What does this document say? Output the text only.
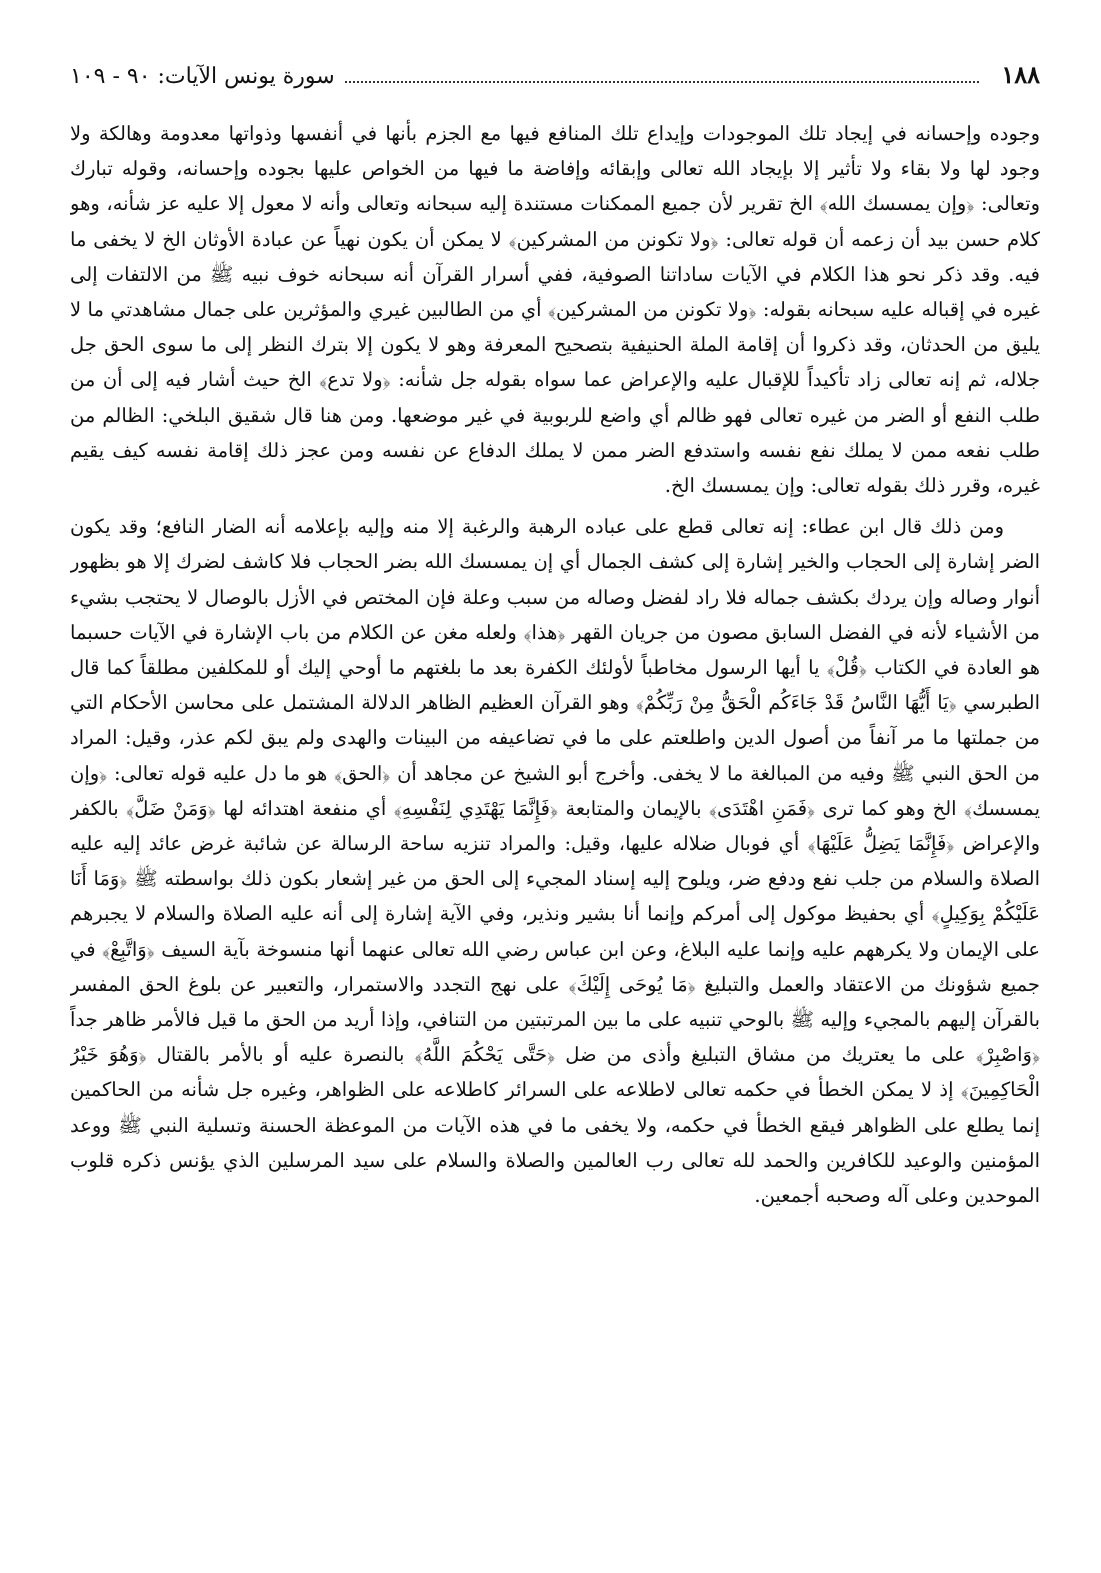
١٨٨
سورة يونس الآيات: ٩٠ - ١٠٩

وجوده وإحسانه في إيجاد تلك الموجودات وإيداع تلك المنافع فيها مع الجزم بأنها في أنفسها وذواتها معدومة وهالكة ولا وجود لها ولا بقاء ولا تأثير إلا بإيجاد الله تعالى وإبقائه وإفاضة ما فيها من الخواص عليها بجوده وإحسانه، وقوله تبارك وتعالى: ﴿وإن يمسسك الله﴾ الخ تقرير لأن جميع الممكنات مستندة إليه سبحانه وتعالى وأنه لا معول إلا عليه عز شأنه، وهو كلام حسن بيد أن زعمه أن قوله تعالى: ﴿ولا تكونن من المشركين﴾ لا يمكن أن يكون نهياً عن عبادة الأوثان الخ لا يخفى ما فيه. وقد ذكر نحو هذا الكلام في الآيات ساداتنا الصوفية، ففي أسرار القرآن أنه سبحانه خوف نبيه ﷺ من الالتفات إلى غيره في إقباله عليه سبحانه بقوله: ﴿ولا تكونن من المشركين﴾ أي من الطالبين غيري والمؤثرين على جمال مشاهدتي ما لا يليق من الحدثان، وقد ذكروا أن إقامة الملة الحنيفية بتصحيح المعرفة وهو لا يكون إلا بترك النظر إلى ما سوى الحق جل جلاله، ثم إنه تعالى زاد تأكيداً للإقبال عليه والإعراض عما سواه بقوله جل شأنه: ﴿ولا تدع﴾ الخ حيث أشار فيه إلى أن من طلب النفع أو الضر من غيره تعالى فهو ظالم أي واضع للربوبية في غير موضعها. ومن هنا قال شقيق البلخي: الظالم من طلب نفعه ممن لا يملك نفع نفسه واستدفع الضر ممن لا يملك الدفاع عن نفسه ومن عجز ذلك إقامة نفسه كيف يقيم غيره، وقرر ذلك بقوله تعالى: وإن يمسسك الخ.

ومن ذلك قال ابن عطاء: إنه تعالى قطع على عباده الرهبة والرغبة إلا منه وإليه بإعلامه أنه الضار النافع؛ وقد يكون الضر إشارة إلى الحجاب والخير إشارة إلى كشف الجمال أي إن يمسسك الله بضر الحجاب فلا كاشف لضرك إلا هو بظهور أنوار وصاله وإن يردك بكشف جماله فلا راد لفضل وصاله من سبب وعلة فإن المختص في الأزل بالوصال لا يحتجب بشيء من الأشياء لأنه في الفضل السابق مصون من جريان القهر ﴿هذا﴾ ولعله مغن عن الكلام من باب الإشارة في الآيات حسبما هو العادة في الكتاب ﴿قُلْ﴾ يا أيها الرسول مخاطباً لأولئك الكفرة بعد ما بلغتهم ما أوحي إليك أو للمكلفين مطلقاً كما قال الطبرسي ﴿يَا أَيُّهَا النَّاسُ قَدْ جَاءَكُم الْحَقُّ مِنْ رَبِّكُمْ﴾ وهو القرآن العظيم الظاهر الدلالة المشتمل على محاسن الأحكام التي من جملتها ما مر آنفاً من أصول الدين واطلعتم على ما في تضاعيفه من البينات والهدى ولم يبق لكم عذر، وقيل: المراد من الحق النبي ﷺ وفيه من المبالغة ما لا يخفى. وأخرج أبو الشيخ عن مجاهد أن ﴿الحق﴾ هو ما دل عليه قوله تعالى: ﴿وإن يمسسك﴾ الخ وهو كما ترى ﴿فَمَنِ اهْتَدَى﴾ بالإيمان والمتابعة ﴿فَإِنَّمَا يَهْتَدِي لِنَفْسِهِ﴾ أي منفعة اهتدائه لها ﴿وَمَنْ ضَلَّ﴾ بالكفر والإعراض ﴿فَإِنَّمَا يَضِلُّ عَلَيْهَا﴾ أي فوبال ضلاله عليها، وقيل: والمراد تنزيه ساحة الرسالة عن شائبة غرض عائد إليه عليه الصلاة والسلام من جلب نفع ودفع ضر، ويلوح إليه إسناد المجيء إلى الحق من غير إشعار بكون ذلك بواسطته ﷺ ﴿وَمَا أَنَا عَلَيْكُمْ بِوَكِيلٍ﴾ أي بحفيظ موكول إلى أمركم وإنما أنا بشير ونذير، وفي الآية إشارة إلى أنه عليه الصلاة والسلام لا يجبرهم على الإيمان ولا يكرههم عليه وإنما عليه البلاغ، وعن ابن عباس رضي الله تعالى عنهما أنها منسوخة بآية السيف ﴿وَاتَّبِعْ﴾ في جميع شؤونك من الاعتقاد والعمل والتبليغ ﴿مَا يُوحَى إِلَيْكَ﴾ على نهج التجدد والاستمرار، والتعبير عن بلوغ الحق المفسر بالقرآن إليهم بالمجيء وإليه ﷺ بالوحي تنبيه على ما بين المرتبتين من التنافي، وإذا أريد من الحق ما قيل فالأمر ظاهر جداً ﴿وَاصْبِرْ﴾ على ما يعتريك من مشاق التبليغ وأذى من ضل ﴿حَتَّى يَحْكُمَ اللَّهُ﴾ بالنصرة عليه أو بالأمر بالقتال ﴿وَهُوَ خَيْرُ الْحَاكِمِينَ﴾ إذ لا يمكن الخطأ في حكمه تعالى لاطلاعه على السرائر كاطلاعه على الظواهر، وغيره جل شأنه من الحاكمين إنما يطلع على الظواهر فيقع الخطأ في حكمه، ولا يخفى ما في هذه الآيات من الموعظة الحسنة وتسلية النبي ﷺ ووعد المؤمنين والوعيد للكافرين والحمد لله تعالى رب العالمين والصلاة والسلام على سيد المرسلين الذي يؤنس ذكره قلوب الموحدين وعلى آله وصحبه أجمعين.
